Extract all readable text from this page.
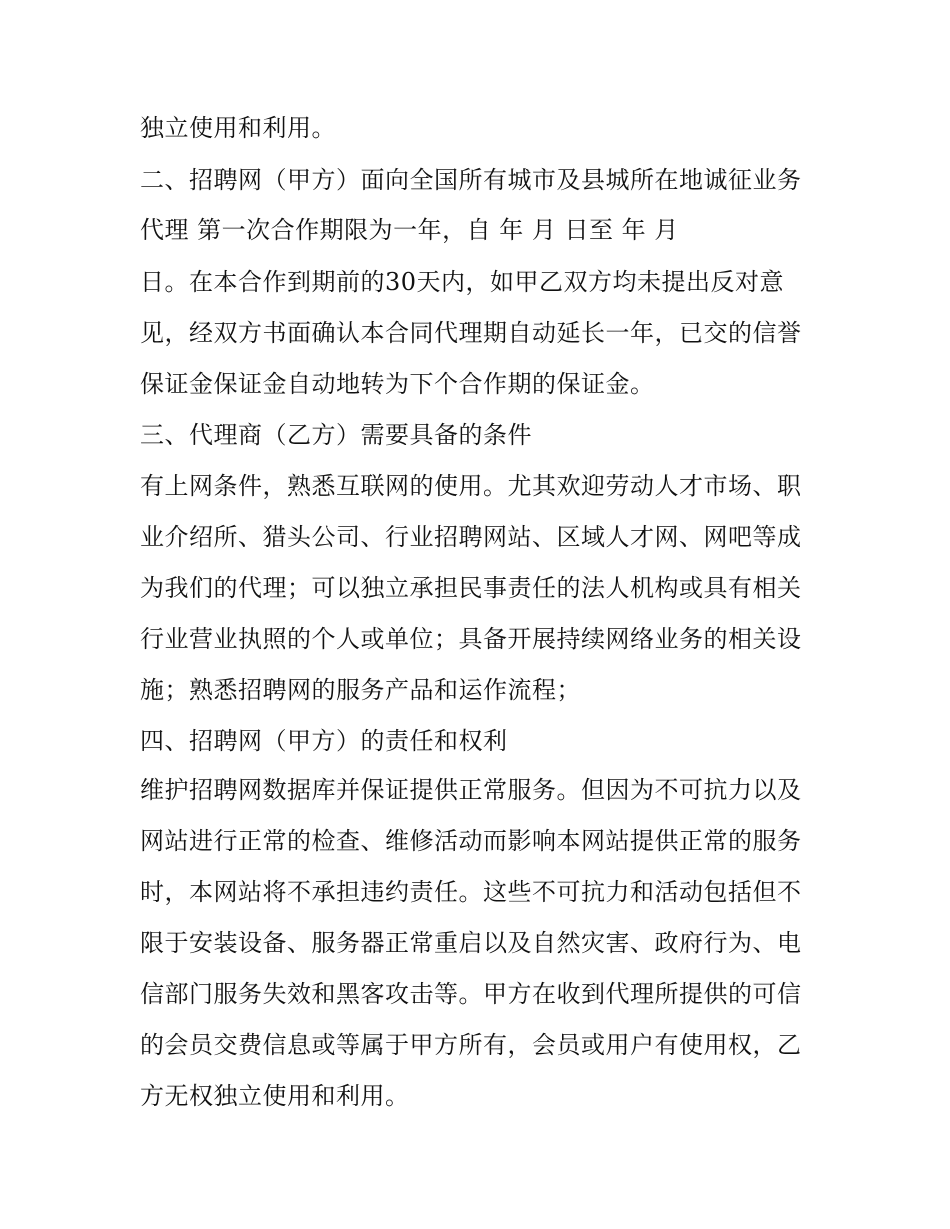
独立使用和利用。
二、招聘网（甲方）面向全国所有城市及县城所在地诚征业务
代理 第一次合作期限为一年，自 年 月 日至 年 月
日。在本合作到期前的30天内，如甲乙双方均未提出反对意
见，经双方书面确认本合同代理期自动延长一年，已交的信誉
保证金保证金自动地转为下个合作期的保证金。
三、代理商（乙方）需要具备的条件
有上网条件，熟悉互联网的使用。尤其欢迎劳动人才市场、职
业介绍所、猎头公司、行业招聘网站、区域人才网、网吧等成
为我们的代理；可以独立承担民事责任的法人机构或具有相关
行业营业执照的个人或单位；具备开展持续网络业务的相关设
施；熟悉招聘网的服务产品和运作流程；
四、招聘网（甲方）的责任和权利
维护招聘网数据库并保证提供正常服务。但因为不可抗力以及
网站进行正常的检查、维修活动而影响本网站提供正常的服务
时，本网站将不承担违约责任。这些不可抗力和活动包括但不
限于安装设备、服务器正常重启以及自然灾害、政府行为、电
信部门服务失效和黑客攻击等。甲方在收到代理所提供的可信
的会员交费信息或等属于甲方所有，会员或用户有使用权，乙
方无权独立使用和利用。
